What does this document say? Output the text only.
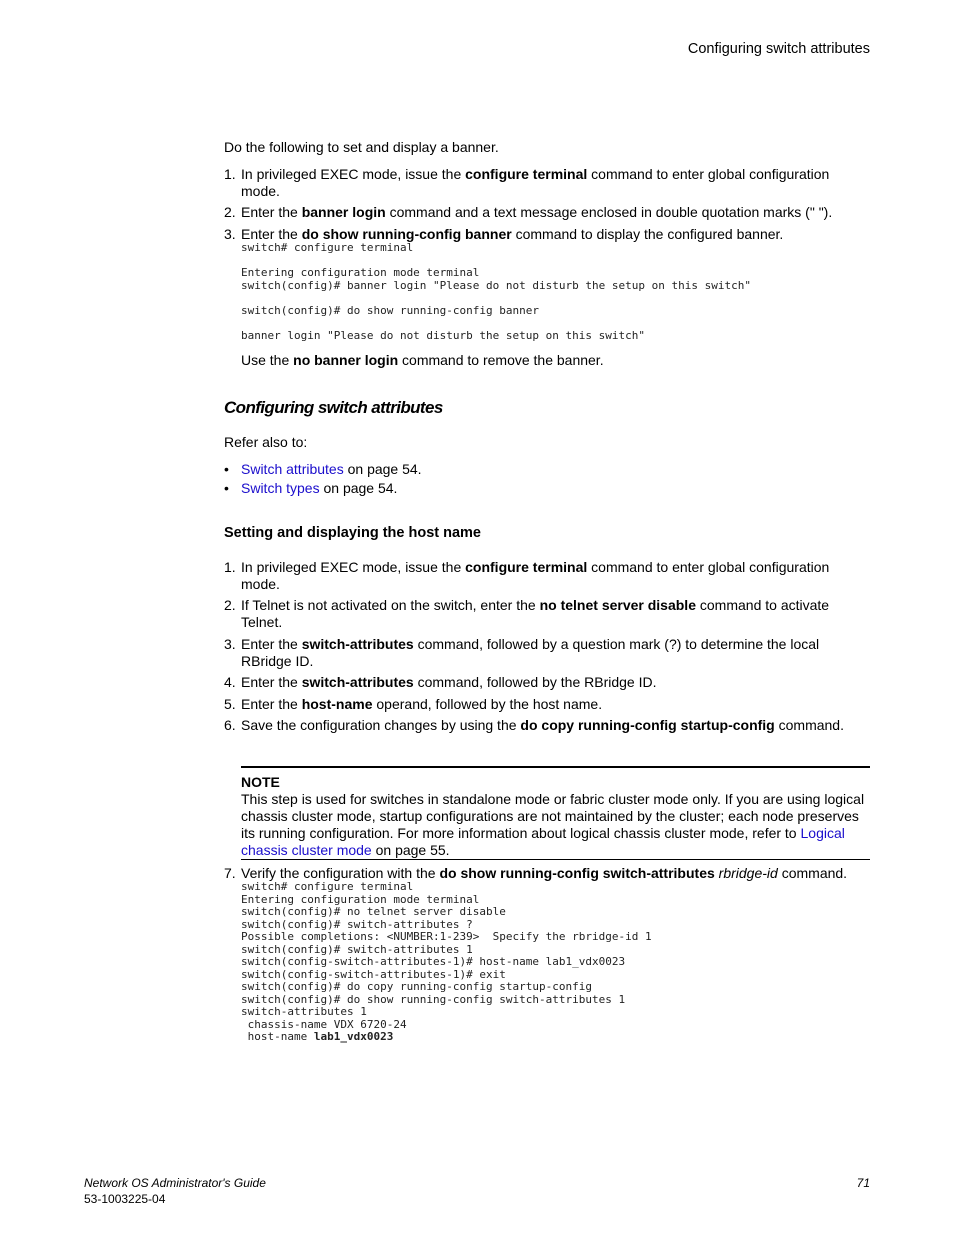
Configuring switch attributes
Do the following to set and display a banner.
1. In privileged EXEC mode, issue the configure terminal command to enter global configuration mode.
2. Enter the banner login command and a text message enclosed in double quotation marks (" ").
3. Enter the do show running-config banner command to display the configured banner.
switch# configure terminal

Entering configuration mode terminal
switch(config)# banner login "Please do not disturb the setup on this switch"

switch(config)# do show running-config banner

banner login "Please do not disturb the setup on this switch"
Use the no banner login command to remove the banner.
Configuring switch attributes
Refer also to:
• Switch attributes on page 54.
• Switch types on page 54.
Setting and displaying the host name
1. In privileged EXEC mode, issue the configure terminal command to enter global configuration mode.
2. If Telnet is not activated on the switch, enter the no telnet server disable command to activate Telnet.
3. Enter the switch-attributes command, followed by a question mark (?) to determine the local RBridge ID.
4. Enter the switch-attributes command, followed by the RBridge ID.
5. Enter the host-name operand, followed by the host name.
6. Save the configuration changes by using the do copy running-config startup-config command.
NOTE
This step is used for switches in standalone mode or fabric cluster mode only. If you are using logical chassis cluster mode, startup configurations are not maintained by the cluster; each node preserves its running configuration. For more information about logical chassis cluster mode, refer to Logical chassis cluster mode on page 55.
7. Verify the configuration with the do show running-config switch-attributes rbridge-id command.
switch# configure terminal
Entering configuration mode terminal
switch(config)# no telnet server disable
switch(config)# switch-attributes ?
Possible completions: <NUMBER:1-239>  Specify the rbridge-id 1
switch(config)# switch-attributes 1
switch(config-switch-attributes-1)# host-name lab1_vdx0023
switch(config-switch-attributes-1)# exit
switch(config)# do copy running-config startup-config
switch(config)# do show running-config switch-attributes 1
switch-attributes 1
chassis-name VDX 6720-24
host-name lab1_vdx0023
Network OS Administrator's Guide
53-1003225-04
71
